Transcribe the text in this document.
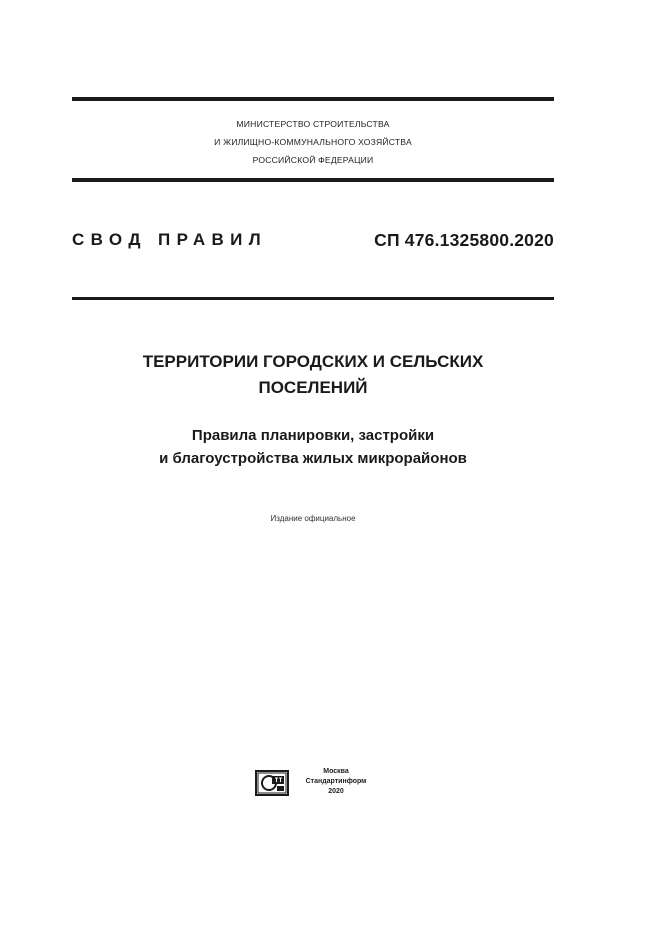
МИНИСТЕРСТВО СТРОИТЕЛЬСТВА
И ЖИЛИЩНО-КОММУНАЛЬНОГО ХОЗЯЙСТВА
РОССИЙСКОЙ ФЕДЕРАЦИИ
СВОД ПРАВИЛ	СП 476.1325800.2020
ТЕРРИТОРИИ ГОРОДСКИХ И СЕЛЬСКИХ
ПОСЕЛЕНИЙ
Правила планировки, застройки
и благоустройства жилых микрорайонов
Издание официальное
Москва
Стандартинформ
2020
